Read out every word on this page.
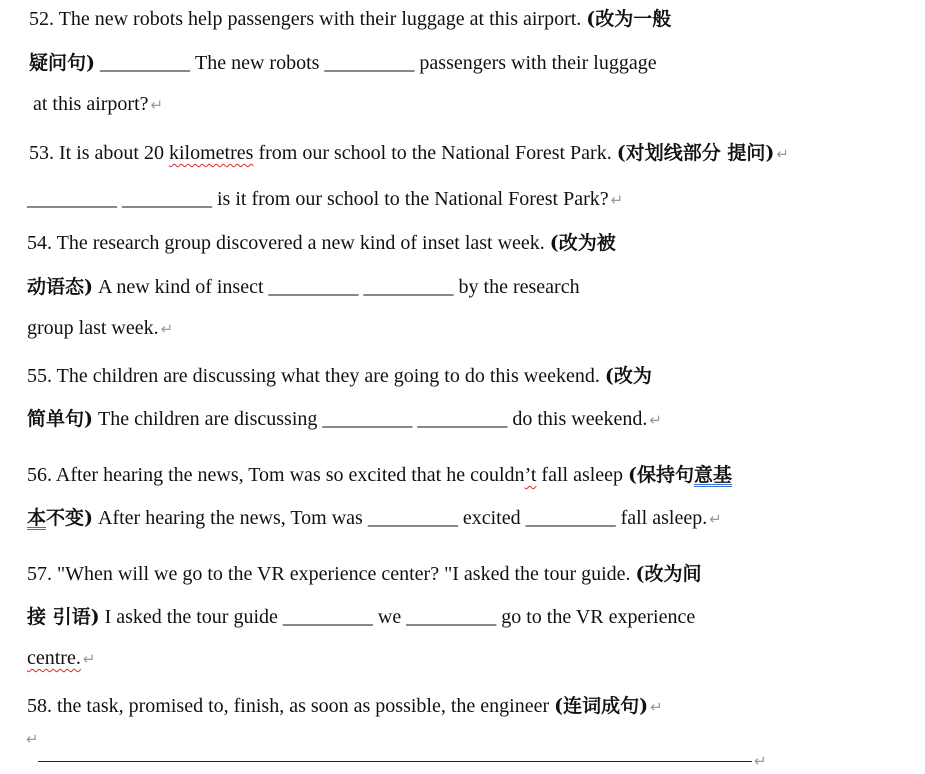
52. The new robots help passengers with their luggage at this airport. (改为一般
疑问句) _________ The new robots _________ passengers with their luggage
at this airport? ↵
53. It is about 20 kilometres from our school to the National Forest Park. (对划线部分 提问) ↵
_________ _________ is it from our school to the National Forest Park? ↵
54. The research group discovered a new kind of inset last week. (改为被
动语态) A new kind of insect _________ _________ by the research
group last week. ↵
55. The children are discussing what they are going to do this weekend. (改为
简单句) The children are discussing _________ _________ do this weekend. ↵
56. After hearing the news, Tom was so excited that he couldn’t fall asleep (保持句意基
本不变) After hearing the news, Tom was _________ excited _________ fall asleep. ↵
57. "When will we go to the VR experience center? "I asked the tour guide. (改为间
接 引语) I asked the tour guide _________ we _________ go to the VR experience
centre. ↵
58. the task, promised to, finish, as soon as possible, the engineer (连词成句) ↵
↵
↵
